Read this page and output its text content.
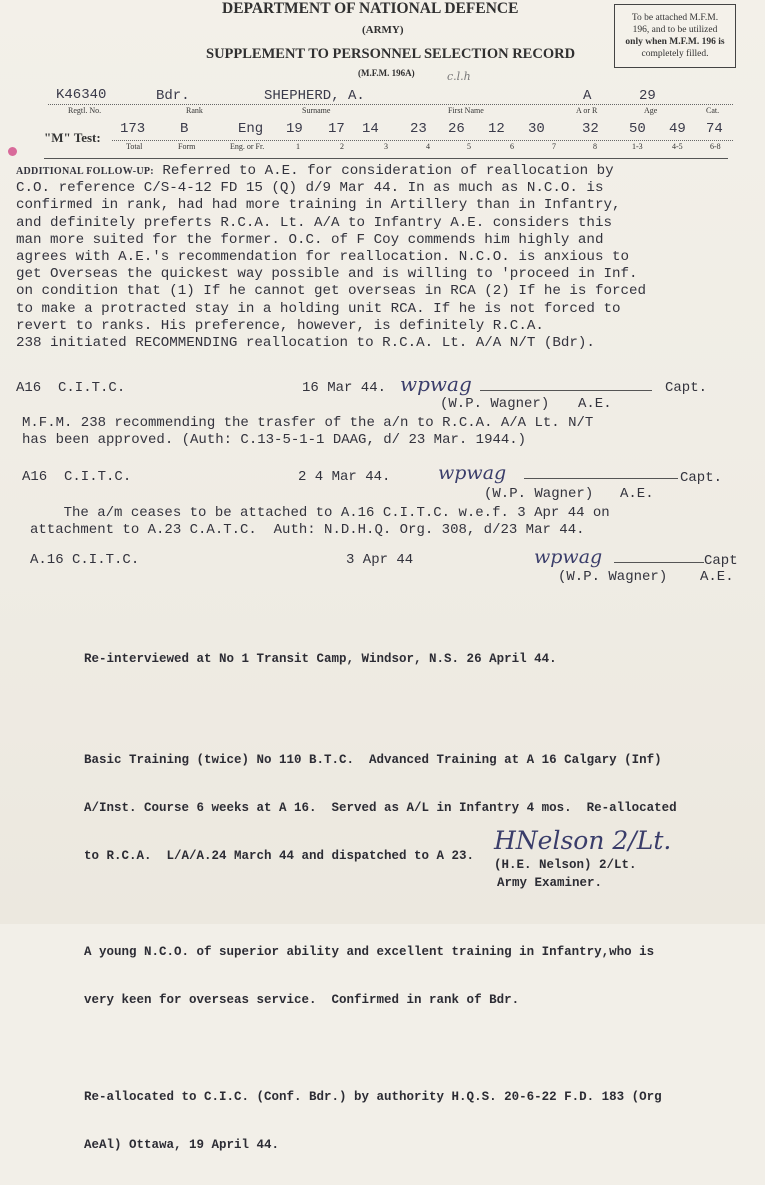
DEPARTMENT OF NATIONAL DEFENCE
(ARMY)
SUPPLEMENT TO PERSONNEL SELECTION RECORD
(M.F.M. 196A)	c.l.h
To be attached M.F.M.
196, and to be utilized
only when M.F.M. 196 is
completely filled.
K46340	Bdr.	SHEPHERD, A.	A	29
Regtl. No.	Rank	Surname	First Name	A or R	Age	Cat.
"M" Test:
173 B	Eng 19 17 14 23 26 12 30	32 50 49 74
Total	Form	Eng. or Fr.	1	2	3	4	5	6	7	8	1-3	4-5	6-8

ADDITIONAL FOLLOW-UP: Referred to A.E. for consideration of reallocation by

C.O. reference C/S-4-12 FD 15 (Q) d/9 Mar 44. In as much as N.C.O. is

confirmed in rank, had had more training in Artillery than in Infantry,

and definitely preferts R.C.A. Lt. A/A to Infantry A.E. considers this

man more suited for the former. O.C. of F Coy commends him highly and

agrees with A.E.'s recommendation for reallocation. N.C.O. is anxious to

get Overseas the quickest way possible and is willing to 'proceed in Inf.

on condition that (1) If he cannot get overseas in RCA (2) If he is forced

to make a protracted stay in a holding unit RCA. If he is not forced to

revert to ranks. His preference, however, is definitely R.C.A.

238 initiated RECOMMENDING reallocation to R.C.A. Lt. A/A N/T (Bdr).

A16  C.I.T.C.	16 Mar 44. wpwag	Capt.
(W.P. Wagner) A.E.
M.F.M. 238 recommending the trasfer of the a/n to R.C.A. A/A Lt. N/T
has been approved. (Auth: C.13-5-1-1 DAAG, d/ 23 Mar. 1944.)
A16  C.I.T.C.	2 4 Mar 44.	wpwag	Capt.
(W.P. Wagner) A.E.
The a/m ceases to be attached to A.16 C.I.T.C. w.e.f. 3 Apr 44 on
attachment to A.23 C.A.T.C.  Auth: N.D.H.Q. Org. 308, d/23 Mar 44.
A.16 C.I.T.C.	3 Apr 44	wpwag	Capt
(W.P. Wagner) A.E.

Re-interviewed at No 1 Transit Camp, Windsor, N.S. 26 April 44.

Basic Training (twice) No 110 B.T.C.  Advanced Training at A 16 Calgary (Inf)

A/Inst. Course 6 weeks at A 16.  Served as A/L in Infantry 4 mos.  Re-allocated

to R.C.A.  L/A/A.24 March 44 and dispatched to A 23.

A young N.C.O. of superior ability and excellent training in Infantry,who is

very keen for overseas service.  Confirmed in rank of Bdr.

Re-allocated to C.I.C. (Conf. Bdr.) by authority H.Q.S. 20-6-22 F.D. 183 (Org

AeAl) Ottawa, 19 April 44.

HNelson 2/Lt.
(H.E. Nelson) 2/Lt.
Army Examiner.
